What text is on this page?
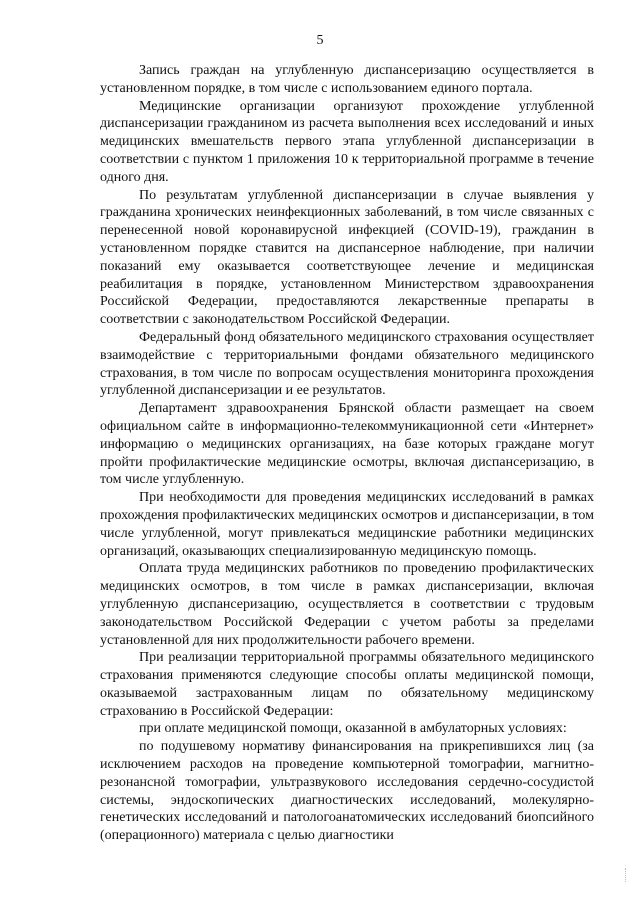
5

Запись граждан на углубленную диспансеризацию осуществляется в установленном порядке, в том числе с использованием единого портала.

Медицинские организации организуют прохождение углубленной диспансеризации гражданином из расчета выполнения всех исследований и иных медицинских вмешательств первого этапа углубленной диспансеризации в соответствии с пунктом 1 приложения 10 к территориальной программе в течение одного дня.

По результатам углубленной диспансеризации в случае выявления у гражданина хронических неинфекционных заболеваний, в том числе связанных с перенесенной новой коронавирусной инфекцией (COVID-19), гражданин в установленном порядке ставится на диспансерное наблюдение, при наличии показаний ему оказывается соответствующее лечение и медицинская реабилитация в порядке, установленном Министерством здравоохранения Российской Федерации, предоставляются лекарственные препараты в соответствии с законодательством Российской Федерации.

Федеральный фонд обязательного медицинского страхования осуществляет взаимодействие с территориальными фондами обязательного медицинского страхования, в том числе по вопросам осуществления мониторинга прохождения углубленной диспансеризации и ее результатов.

Департамент здравоохранения Брянской области размещает на своем официальном сайте в информационно-телекоммуникационной сети «Интернет» информацию о медицинских организациях, на базе которых граждане могут пройти профилактические медицинские осмотры, включая диспансеризацию, в том числе углубленную.

При необходимости для проведения медицинских исследований в рамках прохождения профилактических медицинских осмотров и диспансеризации, в том числе углубленной, могут привлекаться медицинские работники медицинских организаций, оказывающих специализированную медицинскую помощь.

Оплата труда медицинских работников по проведению профилактических медицинских осмотров, в том числе в рамках диспансеризации, включая углубленную диспансеризацию, осуществляется в соответствии с трудовым законодательством Российской Федерации с учетом работы за пределами установленной для них продолжительности рабочего времени.

При реализации территориальной программы обязательного медицинского страхования применяются следующие способы оплаты медицинской помощи, оказываемой застрахованным лицам по обязательному медицинскому страхованию в Российской Федерации:

при оплате медицинской помощи, оказанной в амбулаторных условиях:

по подушевому нормативу финансирования на прикрепившихся лиц (за исключением расходов на проведение компьютерной томографии, магнитно-резонансной томографии, ультразвукового исследования сердечно-сосудистой системы, эндоскопических диагностических исследований, молекулярно-генетических исследований и патологоанатомических исследований биопсийного (операционного) материала с целью диагностики
